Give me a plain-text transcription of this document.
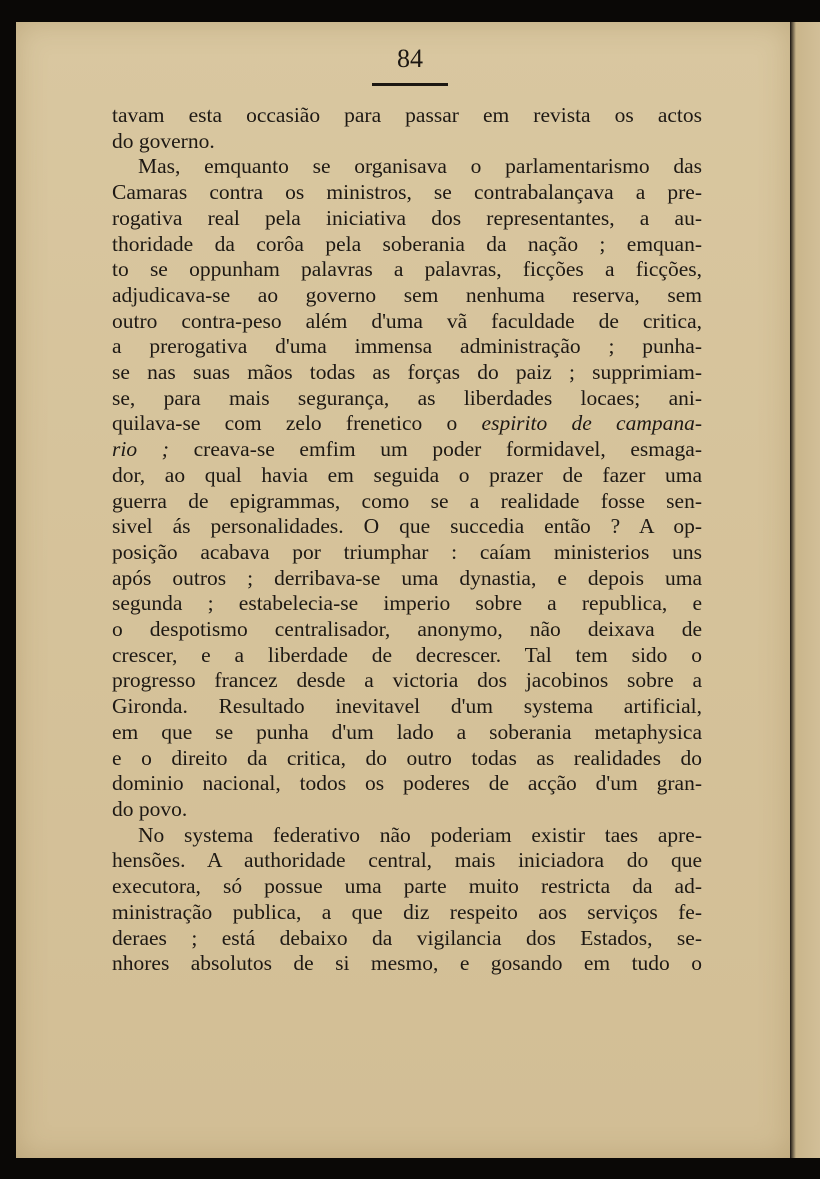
84
tavam esta occasião para passar em revista os actos
do governo.
Mas, emquanto se organisava o parlamentarismo das
Camaras contra os ministros, se contrabalançava a pre-
rogativa real pela iniciativa dos representantes, a au-
thoridade da corôa pela soberania da nação ; emquan-
to se oppunham palavras a palavras, ficções a ficções,
adjudicava-se ao governo sem nenhuma reserva, sem
outro contra-peso além d'uma vã faculdade de critica,
a prerogativa d'uma immensa administração ; punha-
se nas suas mãos todas as forças do paiz ; supprimiam-
se, para mais segurança, as liberdades locaes; ani-
quilava-se com zelo frenetico o espirito de campana-
rio ; creava-se emfim um poder formidavel, esmaga-
dor, ao qual havia em seguida o prazer de fazer uma
guerra de epigrammas, como se a realidade fosse sen-
sivel ás personalidades. O que succedia então ? A op-
posição acabava por triumphar : caíam ministerios uns
após outros ; derribava-se uma dynastia, e depois uma
segunda ; estabelecia-se imperio sobre a republica, e
o despotismo centralisador, anonymo, não deixava de
crescer, e a liberdade de decrescer. Tal tem sido o
progresso francez desde a victoria dos jacobinos sobre a
Gironda. Resultado inevitavel d'um systema artificial,
em que se punha d'um lado a soberania metaphysica
e o direito da critica, do outro todas as realidades do
dominio nacional, todos os poderes de acção d'um gran-
do povo.
No systema federativo não poderiam existir taes apre-
hensões. A authoridade central, mais iniciadora do que
executora, só possue uma parte muito restricta da ad-
ministração publica, a que diz respeito aos serviços fe-
deraes ; está debaixo da vigilancia dos Estados, se-
nhores absolutos de si mesmo, e gosando em tudo o
